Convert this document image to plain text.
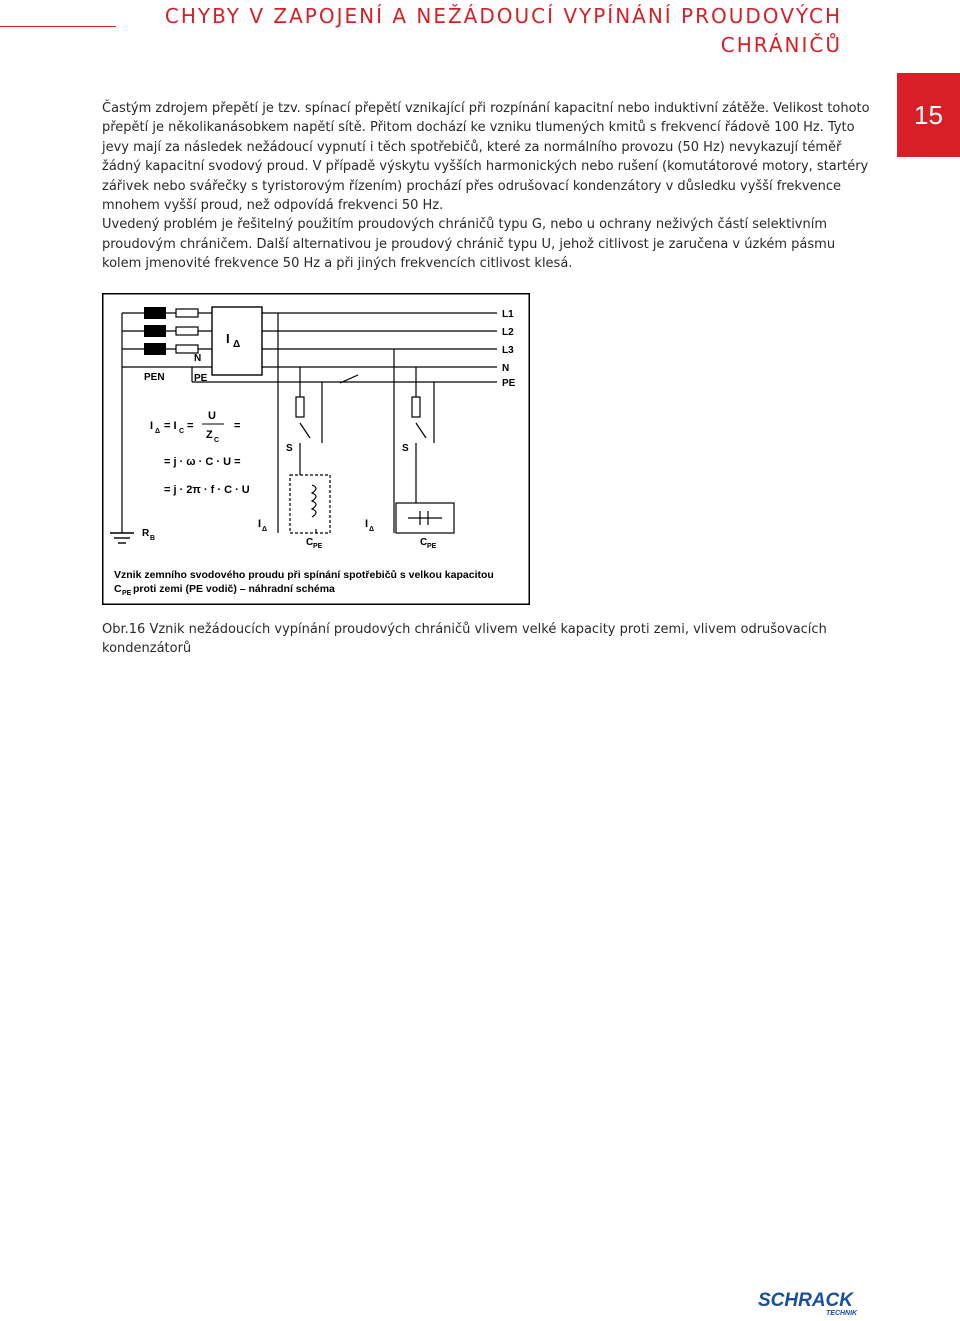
CHYBY V ZAPOJENÍ A NEŽÁDOUCÍ VYPÍNÁNÍ PROUDOVÝCH CHRÁNIČŮ
15

Častým zdrojem přepětí je tzv. spínací přepětí vznikající při rozpínání kapacitní nebo induktivní zátěže. Velikost tohoto přepětí je několikanásobkem napětí sítě. Přitom dochází ke vzniku tlumených kmitů s frekvencí řádově 100 Hz. Tyto jevy mají za následek nežádoucí vypnutí i těch spotřebičů, které za normálního provozu (50 Hz) nevykazují téměř žádný kapacitní svodový proud. V případě výskytu vyšších harmonických nebo rušení (komutátorové motory, startéry zářivek nebo svářečky s tyristorovým řízením) prochází přes odrušovací kondenzátory v důsledku vyšší frekvence mnohem vyšší proud, než odpovídá frekvenci 50 Hz.

Uvedený problém je řešitelný použitím proudových chráničů typu G, nebo u ochrany neživých částí selektivním proudovým chráničem. Další alternativou je proudový chránič typu U, jehož citlivost je zaručena v úzkém pásmu kolem jmenovité frekvence 50 Hz a při jiných frekvencích citlivost klesá.

L1
L2
L3
N
PE
PEN
N
PE
I Δ
S	S
R B
I Δ	I Δ
C PE	C PE
I Δ = I C =
U
Z C
=
= j · ω · C · U =
= j · 2π · f · C · U
Vznik zemního svodového proudu při spínání spotřebičů s velkou kapacitou
C PE proti zemi (PE vodič) – náhradní schéma
Obr.16 Vznik nežádoucích vypínání proudových chráničů vlivem velké kapacity proti zemi, vlivem odrušovacích kondenzátorů
SCHRACK
TECHNIK
